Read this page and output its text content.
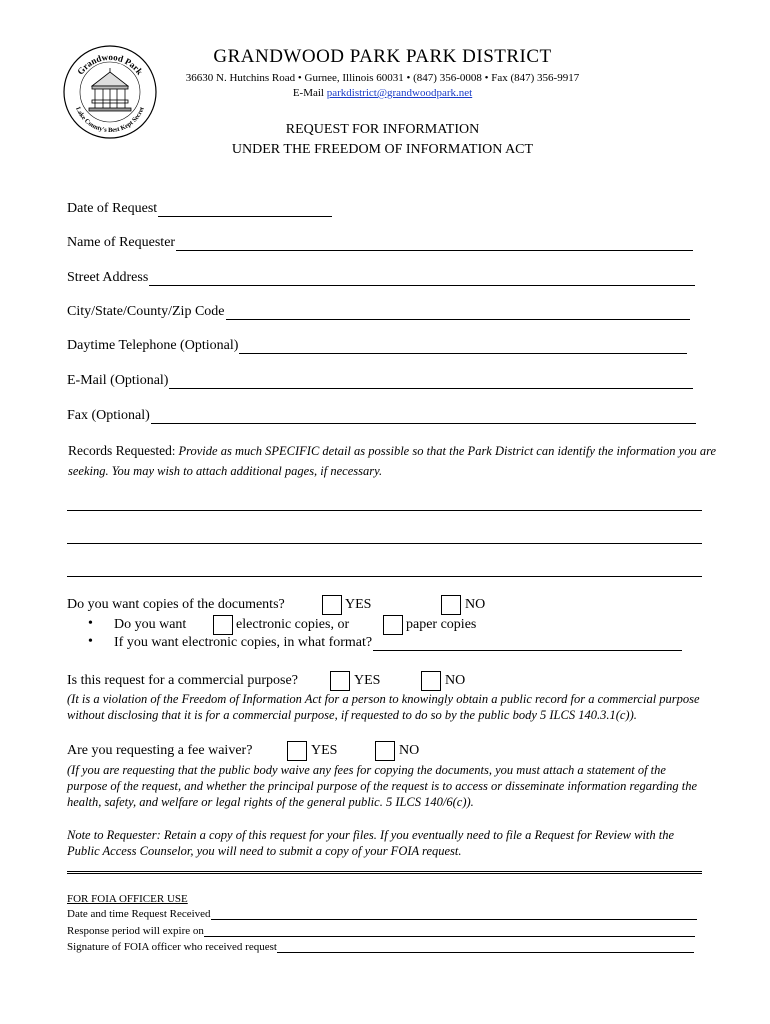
Grandwood Park
Lake County's Best Kept Secret
GRANDWOOD PARK PARK DISTRICT
36630 N. Hutchins Road • Gurnee, Illinois 60031 • (847) 356-0008 • Fax (847) 356-9917
E-Mail parkdistrict@grandwoodpark.net
REQUEST FOR INFORMATION
UNDER THE FREEDOM OF INFORMATION ACT
Date of Request
Name of Requester
Street Address
City/State/County/Zip Code
Daytime Telephone (Optional)
E-Mail (Optional)
Fax (Optional)
Records Requested: Provide as much SPECIFIC detail as possible so that the Park District can identify the information you are seeking. You may wish to attach additional pages, if necessary.
Do you want copies of the documents?	YES	NO
• Do you want	electronic copies, or	paper copies
• If you want electronic copies, in what format?
Is this request for a commercial purpose?	YES	NO
(It is a violation of the Freedom of Information Act for a person to knowingly obtain a public record for a commercial purpose without disclosing that it is for a commercial purpose, if requested to do so by the public body 5 ILCS 140.3.1(c)).
Are you requesting a fee waiver?	YES	NO
(If you are requesting that the public body waive any fees for copying the documents, you must attach a statement of the purpose of the request, and whether the principal purpose of the request is to access or disseminate information regarding the health, safety, and welfare or legal rights of the general public. 5 ILCS 140/6(c)).
Note to Requester: Retain a copy of this request for your files. If you eventually need to file a Request for Review with the Public Access Counselor, you will need to submit a copy of your FOIA request.
FOR FOIA OFFICER USE
Date and time Request Received
Response period will expire on
Signature of FOIA officer who received request
